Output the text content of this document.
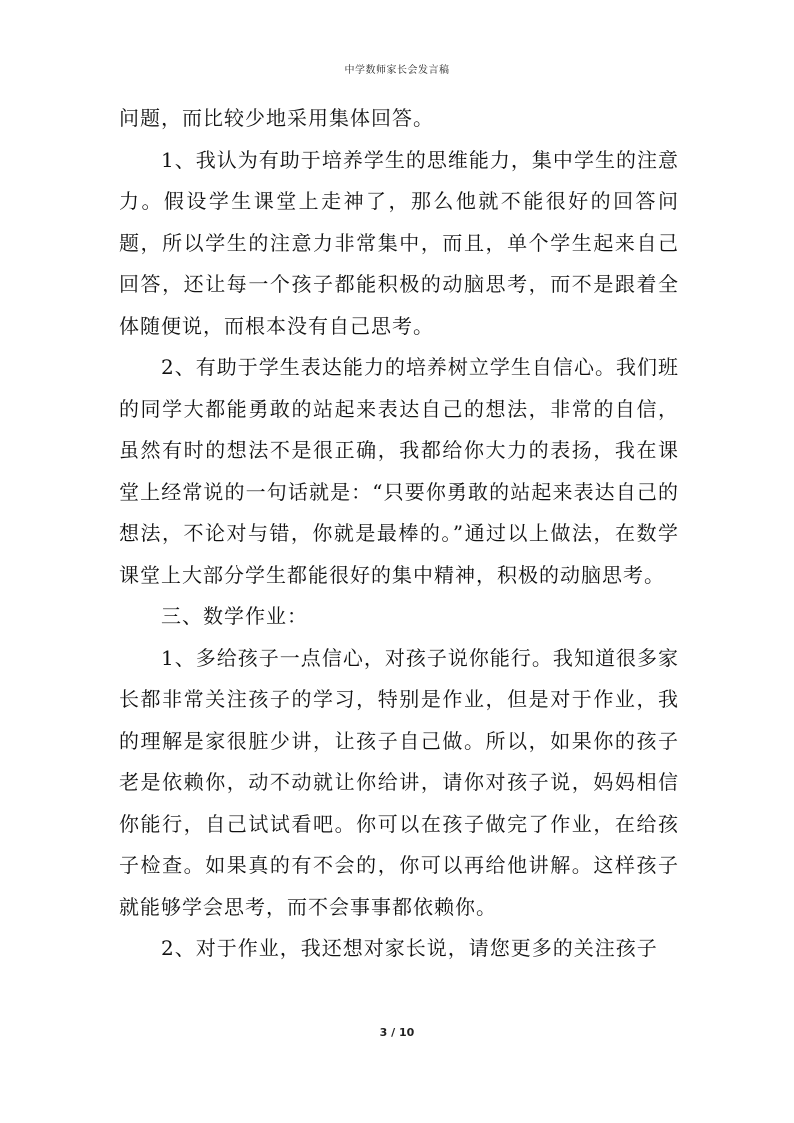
中学数师家长会发言稿

问题，而比较少地采用集体回答。

1、我认为有助于培养学生的思维能力，集中学生的注意力。假设学生课堂上走神了，那么他就不能很好的回答问题，所以学生的注意力非常集中，而且，单个学生起来自己回答，还让每一个孩子都能积极的动脑思考，而不是跟着全体随便说，而根本没有自己思考。

2、有助于学生表达能力的培养树立学生自信心。我们班的同学大都能勇敢的站起来表达自己的想法，非常的自信，虽然有时的想法不是很正确，我都给你大力的表扬，我在课堂上经常说的一句话就是：“只要你勇敢的站起来表达自己的想法，不论对与错，你就是最棒的。”通过以上做法，在数学课堂上大部分学生都能很好的集中精神，积极的动脑思考。

三、数学作业：

1、多给孩子一点信心，对孩子说你能行。我知道很多家长都非常关注孩子的学习，特别是作业，但是对于作业，我的理解是家很脏少讲，让孩子自己做。所以，如果你的孩子老是依赖你，动不动就让你给讲，请你对孩子说，妈妈相信你能行，自己试试看吧。你可以在孩子做完了作业，在给孩子检查。如果真的有不会的，你可以再给他讲解。这样孩子就能够学会思考，而不会事事都依赖你。

2、对于作业，我还想对家长说，请您更多的关注孩子

3 / 10
